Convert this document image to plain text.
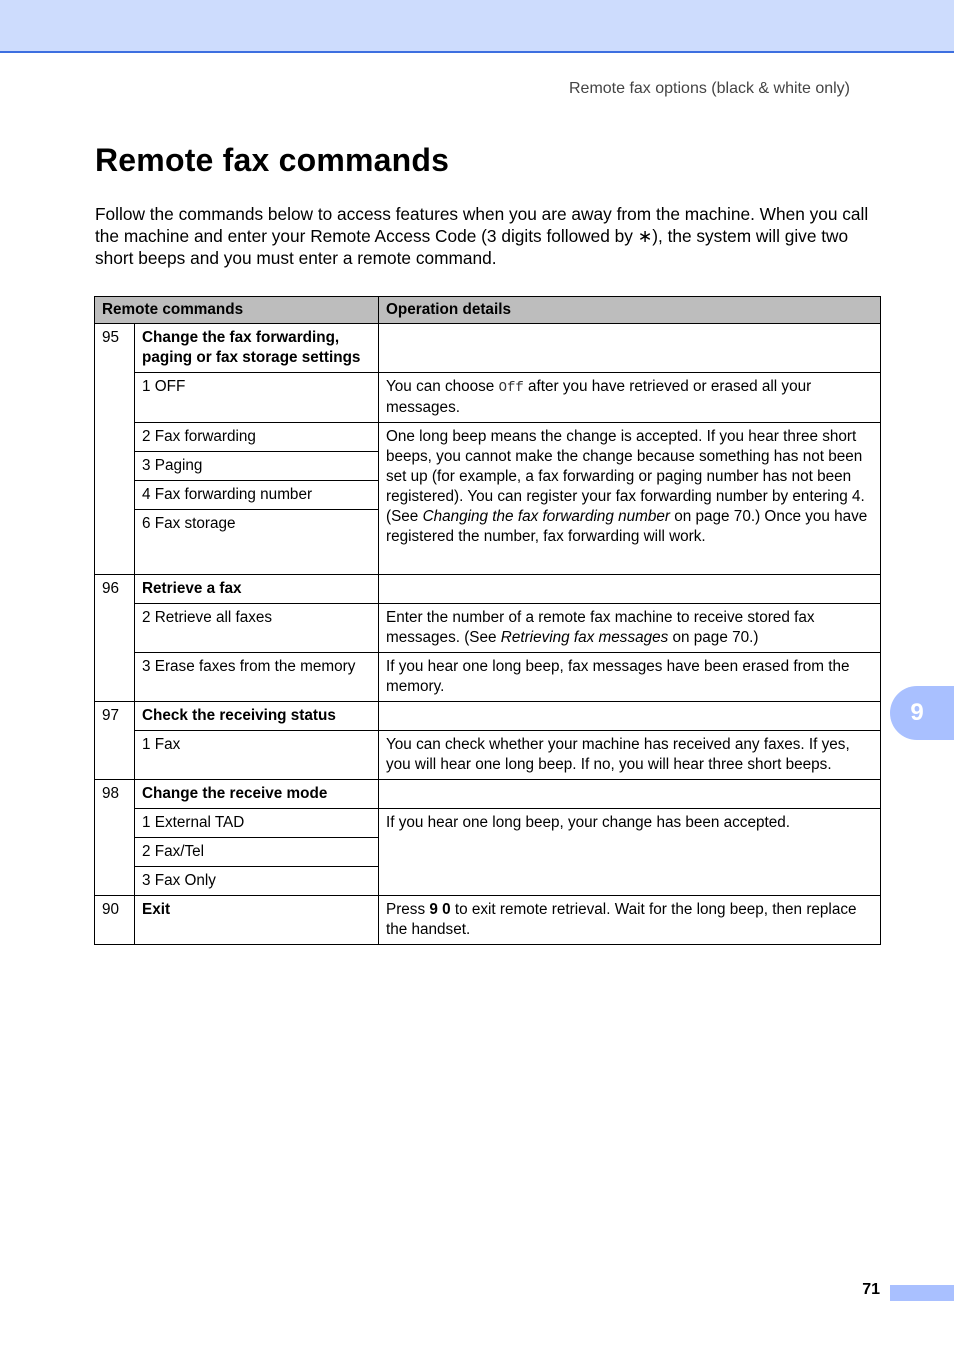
Remote fax options (black & white only)
Remote fax commands

Follow the commands below to access features when you are away from the machine. When you call the machine and enter your Remote Access Code (3 digits followed by ∗), the system will give two short beeps and you must enter a remote command.

Remote commands		Operation details
95	Change the fax forwarding, paging or fax storage settings	
	1 OFF	You can choose Off after you have retrieved or erased all your messages.
	2 Fax forwarding	One long beep means the change is accepted. If you hear three short beeps, you cannot make the change because something has not been set up (for example, a fax forwarding or paging number has not been registered). You can register your fax forwarding number by entering 4. (See Changing the fax forwarding number on page 70.) Once you have registered the number, fax forwarding will work.
	3 Paging	
	4 Fax forwarding number	
	6 Fax storage	
96	Retrieve a fax	
	2 Retrieve all faxes	Enter the number of a remote fax machine to receive stored fax messages. (See Retrieving fax messages on page 70.)
	3 Erase faxes from the memory	If you hear one long beep, fax messages have been erased from the memory.
97	Check the receiving status	
	1 Fax	You can check whether your machine has received any faxes. If yes, you will hear one long beep. If no, you will hear three short beeps.
98	Change the receive mode	
	1 External TAD	If you hear one long beep, your change has been accepted.
	2 Fax/Tel	
	3 Fax Only	
90	Exit	Press 9 0 to exit remote retrieval. Wait for the long beep, then replace the handset.
9
71
